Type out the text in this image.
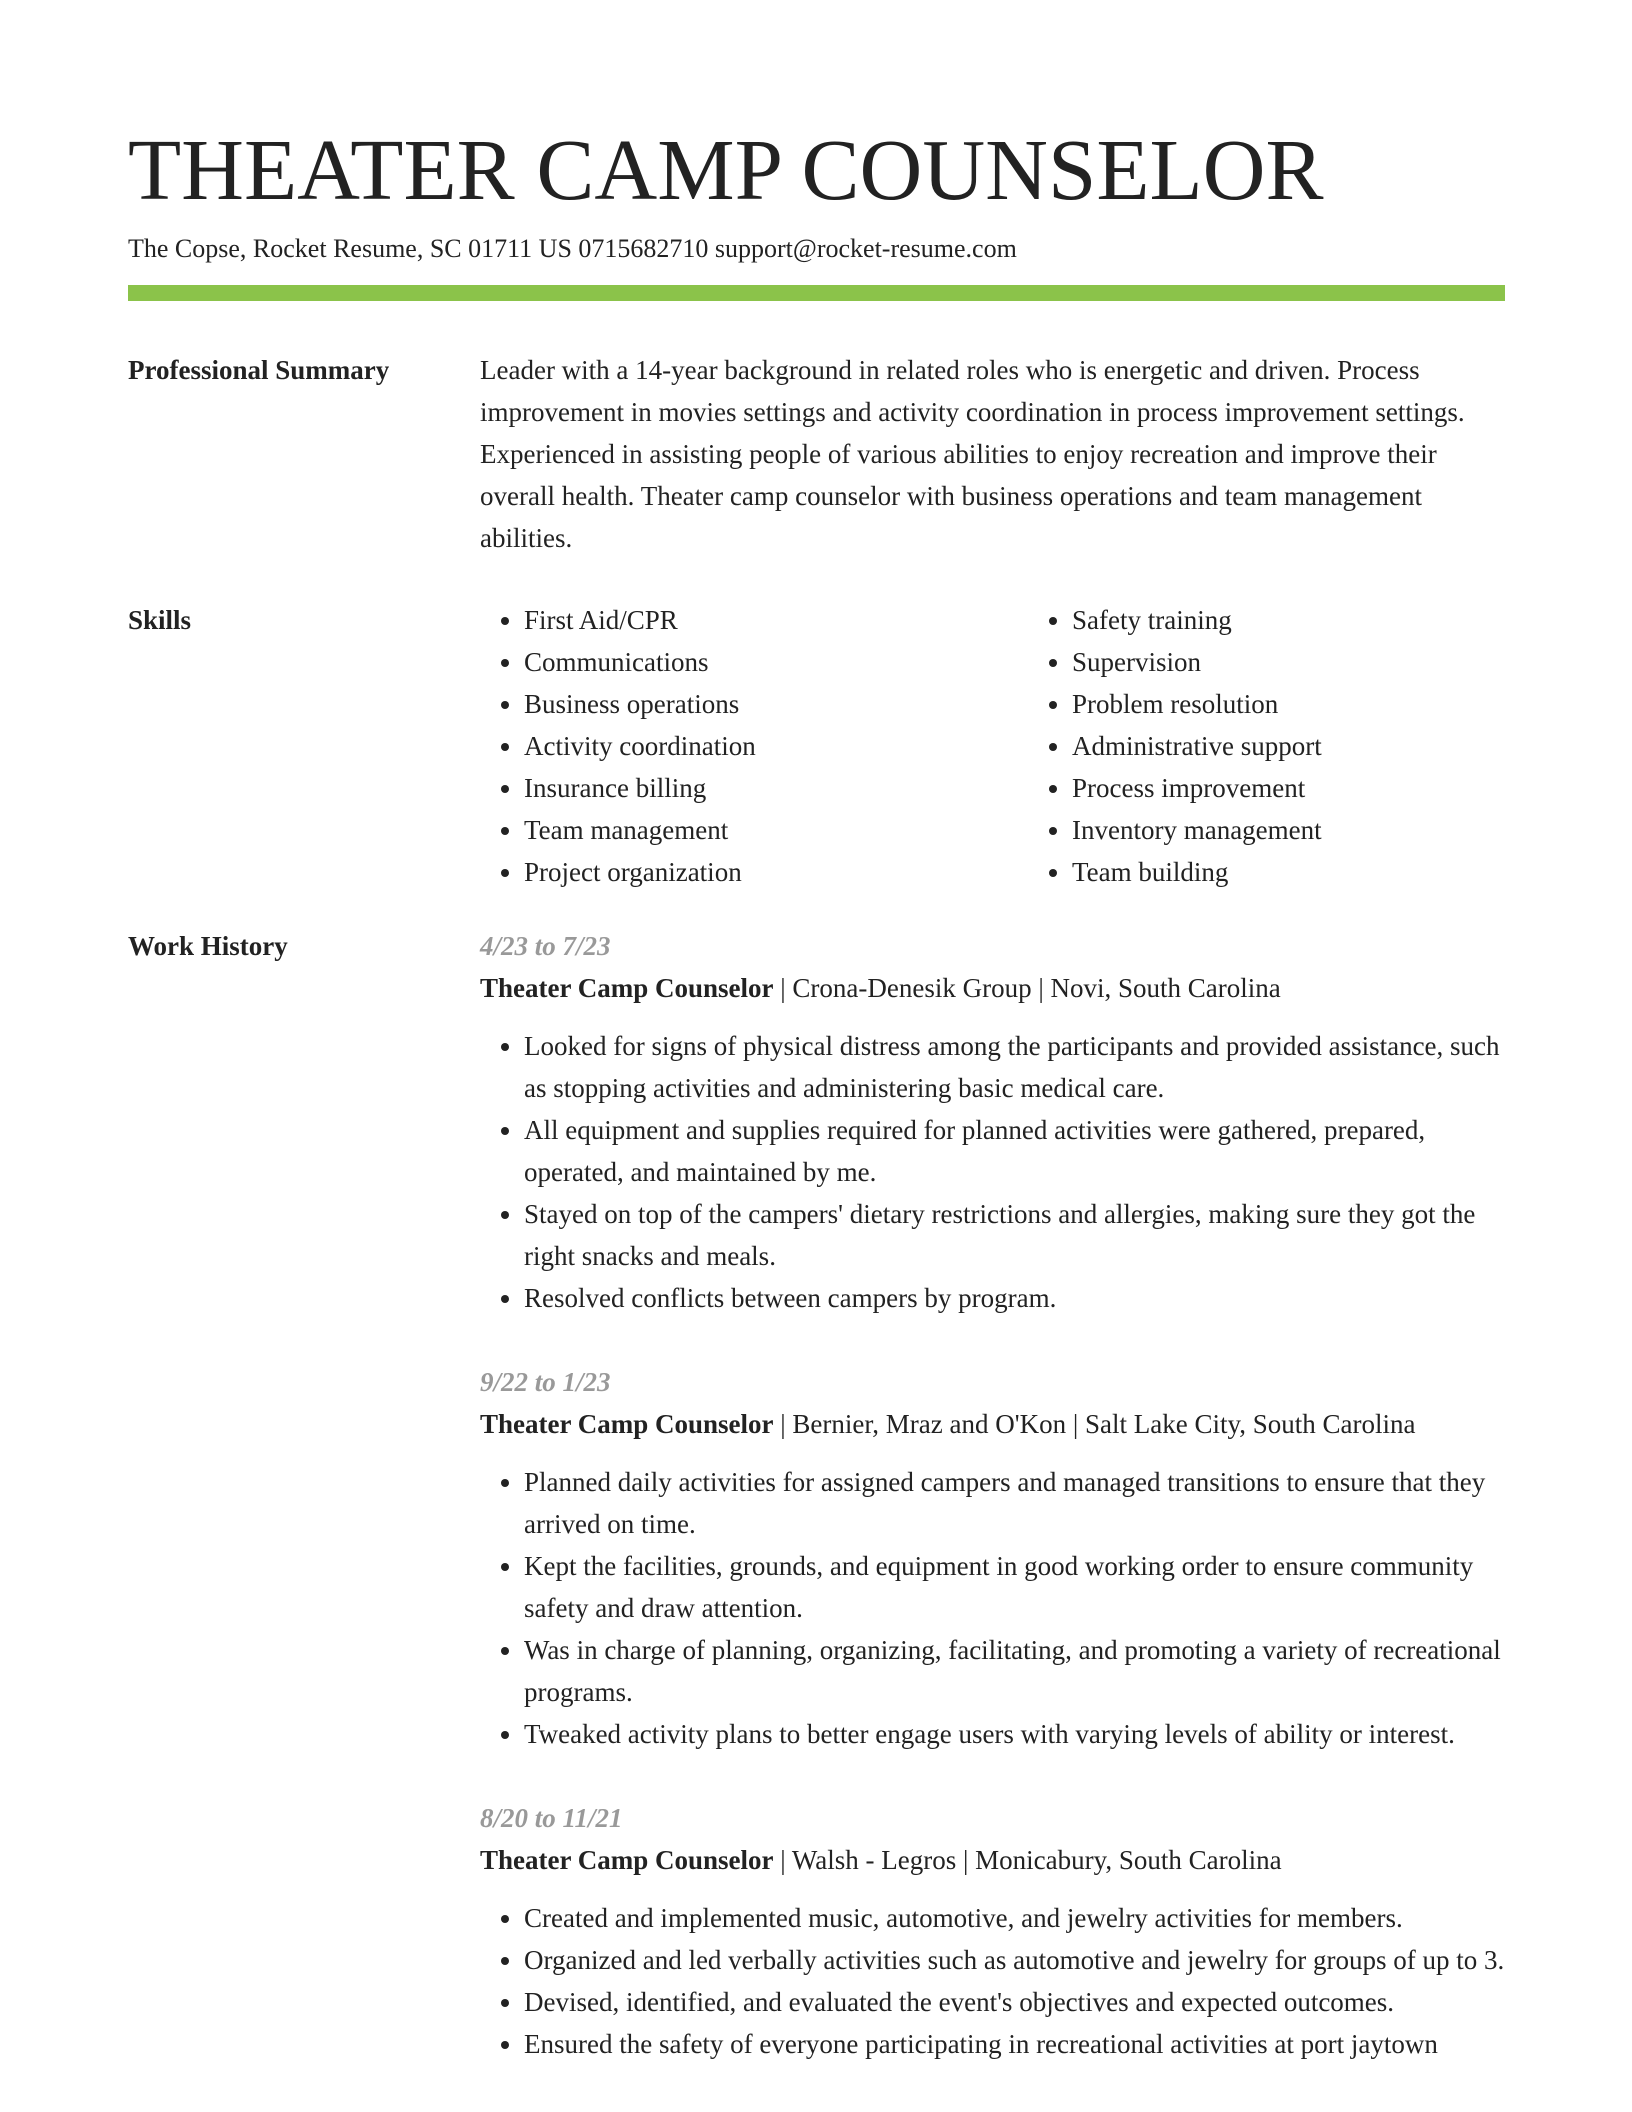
THEATER CAMP COUNSELOR
The Copse, Rocket Resume, SC 01711 US 0715682710 support@rocket-resume.com
Professional Summary	Leader with a 14-year background in related roles who is energetic and driven. Process improvement in movies settings and activity coordination in process improvement settings. Experienced in assisting people of various abilities to enjoy recreation and improve their overall health. Theater camp counselor with business operations and team management abilities.

Skills
•	First Aid/CPR
• Communications
• Business operations
• Activity coordination
• Insurance billing
• Team management
• Project organization
• Safety training
• Supervision
• Problem resolution
• Administrative support
• Process improvement
• Inventory management
• Team building
Work History	4/23 to 7/23
Theater Camp Counselor | Crona-Denesik Group | Novi, South Carolina
• Looked for signs of physical distress among the participants and provided assistance, such as stopping activities and administering basic medical care.
• All equipment and supplies required for planned activities were gathered, prepared, operated, and maintained by me.
• Stayed on top of the campers' dietary restrictions and allergies, making sure they got the right snacks and meals.
• Resolved conflicts between campers by program.
9/22 to 1/23
Theater Camp Counselor | Bernier, Mraz and O'Kon | Salt Lake City, South Carolina
• Planned daily activities for assigned campers and managed transitions to ensure that they arrived on time.
• Kept the facilities, grounds, and equipment in good working order to ensure community safety and draw attention.
• Was in charge of planning, organizing, facilitating, and promoting a variety of recreational programs.
• Tweaked activity plans to better engage users with varying levels of ability or interest.
8/20 to 11/21
Theater Camp Counselor | Walsh - Legros | Monicabury, South Carolina
• Created and implemented music, automotive, and jewelry activities for members.
• Organized and led verbally activities such as automotive and jewelry for groups of up to 3.
• Devised, identified, and evaluated the event's objectives and expected outcomes.
• Ensured the safety of everyone participating in recreational activities at port jaytown
